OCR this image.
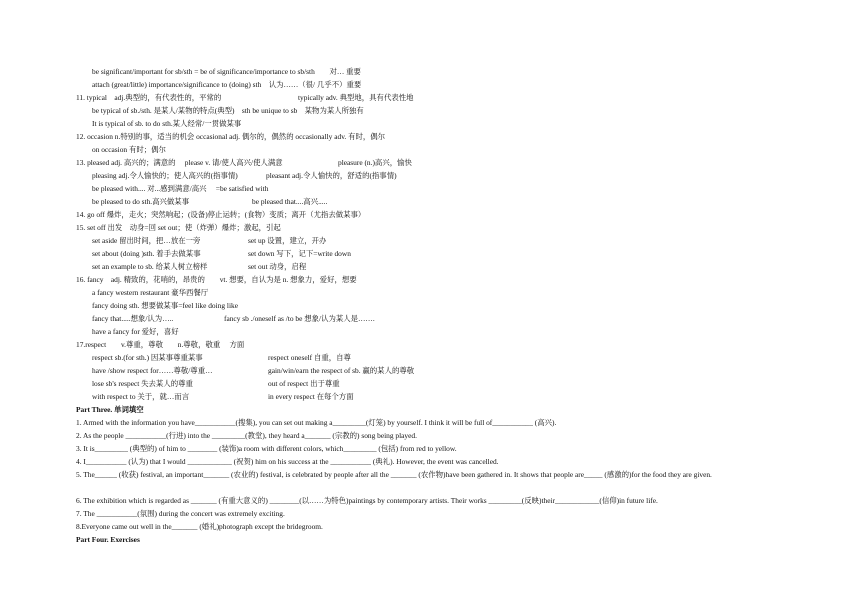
be significant/important for sb/sth = be of significance/importance to sb/sth　　对… 重要
attach (great/little) importance/significance to (doing) sth　认为……（很/ 几乎不）重要
11. typical　adj.典型的，有代表性的，平常的	typically adv. 典型地，具有代表性地
be typical of sb./sth. 是某人/某物的特点(典型)　sth be unique to sb　某物为某人所独有
It is typical of sb. to do sth.某人经常/一贯做某事
12. occasion n.特别的事，适当的机会 occasional adj. 偶尔的，偶然的 occasionally adv. 有时，偶尔
on occasion 有时；偶尔
13. pleased adj. 高兴的；满意的　 please v. 请/使人高兴/使人满意	pleasure (n.)高兴，愉快
pleasing adj.令人愉快的；使人高兴的(指事情)	pleasant adj.令人愉快的，舒适的(指事情)
be pleased with.... 对...感到满意/高兴　 =be satisfied with
be pleased to do sth.高兴做某事	be pleased that....高兴.....
14. go off 爆炸，走火；突然响起；(设备)停止运转；(食物）变质；离开（尤指去做某事）
15. set off 出发　动身=回 set out；使（炸弹）爆炸；激起，引起
set aside 留出时间，把…放在一旁	set up 设置，建立，开办
set about (doing )sth. 着手去做某事	set down 写下，记下=write down
set an example to sb. 给某人树立榜样	set out 动身，启程
16. fancy　adj. 精致的，花哨的，昂贵的　　vt. 想要，自认为是 n. 想象力，爱好，想要
a fancy western restaurant 豪华西餐厅
fancy doing sth. 想要做某事=feel like doing like
fancy that.....想象/认为…..	fancy sb ./oneself as /to be 想象/认为某人是…….
have a fancy for 爱好，喜好
17.respect　　v.尊重，尊敬　　n.尊敬，敬重　 方面
respect sb.(for sth.) 因某事尊重某事	respect oneself 自重，自尊
have /show respect for……尊敬/尊重…	gain/win/earn the respect of sb. 赢的某人的尊敬
lose sb's respect 失去某人的尊重	out of respect 出于尊重
with respect to 关于，就…而言	in every respect 在每个方面
Part Three. 单词填空
1. Armed with the information you have___________(搜集), you can set out making a_________(灯笼) by yourself. I think it will be full of___________ (高兴).
2. As the people ___________(行进) into the _________(教堂), they heard a_______ (宗教的) song being played.
3. It is_________ (典型的) of him to ________ (装饰)a room with different colors, which_________ (包括) from red to yellow.
4. I___________ (认为) that I would ____________ (祝贺) him on his success at the ___________ (典礼). However, the event was cancelled.
5. The______ (收获) festival, an important_______ (农业的) festival, is celebrated by people after all the _______ (农作物)have been gathered in. It shows that people are_____ (感激的)for the food they are given.
6. The exhibition which is regarded as _______ (有重大意义的) ________(以……为特色)paintings by contemporary artists. Their works _________(反映)their____________(信仰)in future life.
7. The ___________(氛围) during the concert was extremely exciting.
8.Everyone came out well in the_______ (婚礼)photograph except the bridegroom.
Part Four. Exercises
